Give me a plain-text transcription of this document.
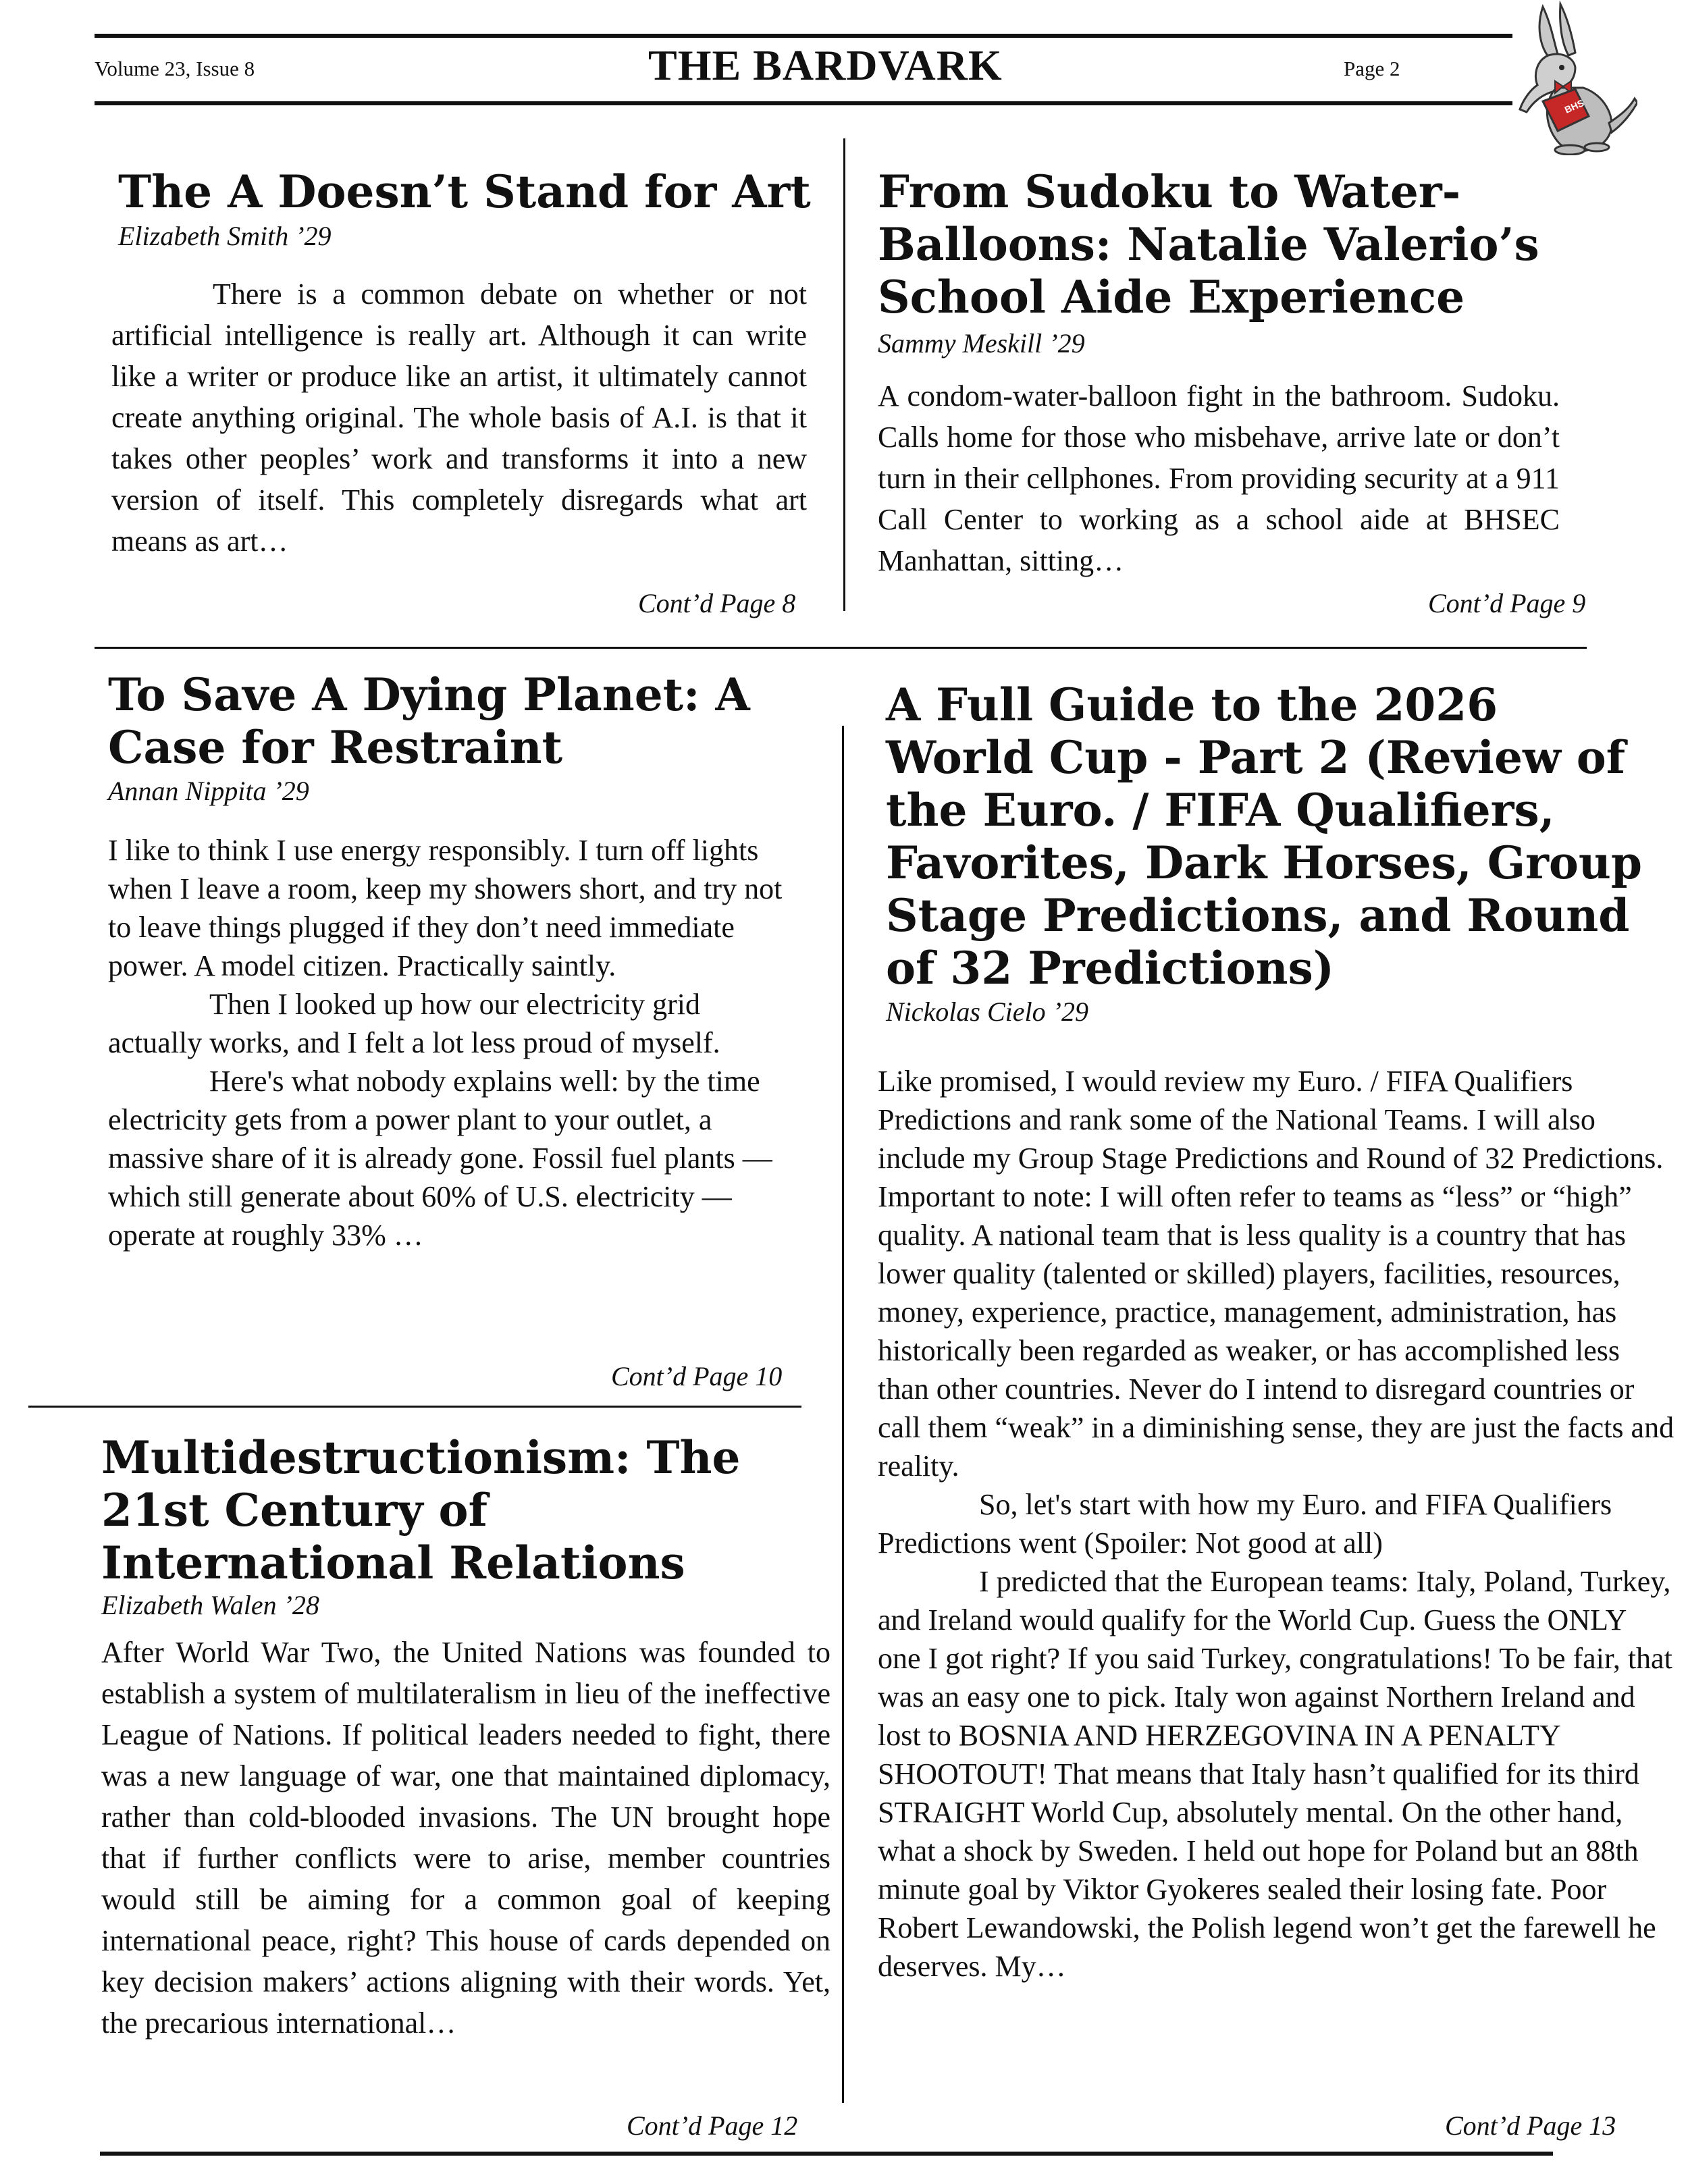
Volume 23, Issue 8	THE BARDVARK	Page 2
BHS
The A Doesn’t Stand for Art

Elizabeth Smith ’29

There is a common debate on whether or not artificial intelligence is really art. Although it can write like a writer or produce like an artist, it ultimately cannot create anything original. The whole basis of A.I. is that it takes other peoples’ work and transforms it into a new version of itself. This completely disregards what art means as art…

Cont’d Page 8
From Sudoku to Water-Balloons: Natalie Valerio’s School Aide Experience

Sammy Meskill ’29

A condom-water-balloon fight in the bathroom. Sudoku. Calls home for those who misbehave, arrive late or don’t turn in their cellphones. From providing security at a 911 Call Center to working as a school aide at BHSEC Manhattan, sitting…

Cont’d Page 9
To Save A Dying Planet: A Case for Restraint

Annan Nippita ’29

I like to think I use energy responsibly. I turn off lights when I leave a room, keep my showers short, and try not to leave things plugged if they don’t need immediate power. A model citizen. Practically saintly.

Then I looked up how our electricity grid actually works, and I felt a lot less proud of myself.

Here's what nobody explains well: by the time electricity gets from a power plant to your outlet, a massive share of it is already gone. Fossil fuel plants — which still generate about 60% of U.S. electricity — operate at roughly 33% …

Cont’d Page 10
Multidestructionism: The 21st Century of International Relations

Elizabeth Walen ’28

After World War Two, the United Nations was founded to establish a system of multilateralism in lieu of the ineffective League of Nations. If political leaders needed to fight, there was a new language of war, one that maintained diplomacy, rather than cold-blooded invasions. The UN brought hope that if further conflicts were to arise, member countries would still be aiming for a common goal of keeping international peace, right? This house of cards depended on key decision makers’ actions aligning with their words. Yet, the precarious international…

Cont’d Page 12
A Full Guide to the 2026 World Cup - Part 2 (Review of the Euro. / FIFA Qualifiers, Favorites, Dark Horses, Group Stage Predictions, and Round of 32 Predictions)

Nickolas Cielo ’29

Like promised, I would review my Euro. / FIFA Qualifiers Predictions and rank some of the National Teams. I will also include my Group Stage Predictions and Round of 32 Predictions. Important to note: I will often refer to teams as “less” or “high” quality. A national team that is less quality is a country that has lower quality (talented or skilled) players, facilities, resources, money, experience, practice, management, administration, has historically been regarded as weaker, or has accomplished less than other countries. Never do I intend to disregard countries or call them “weak” in a diminishing sense, they are just the facts and reality.

So, let's start with how my Euro. and FIFA Qualifiers Predictions went (Spoiler: Not good at all)

I predicted that the European teams: Italy, Poland, Turkey, and Ireland would qualify for the World Cup. Guess the ONLY one I got right? If you said Turkey, congratulations! To be fair, that was an easy one to pick. Italy won against Northern Ireland and lost to BOSNIA AND HERZEGOVINA IN A PENALTY SHOOTOUT! That means that Italy hasn’t qualified for its third STRAIGHT World Cup, absolutely mental. On the other hand, what a shock by Sweden. I held out hope for Poland but an 88th minute goal by Viktor Gyokeres sealed their losing fate. Poor Robert Lewandowski, the Polish legend won’t get the farewell he deserves. My…

Cont’d Page 13
